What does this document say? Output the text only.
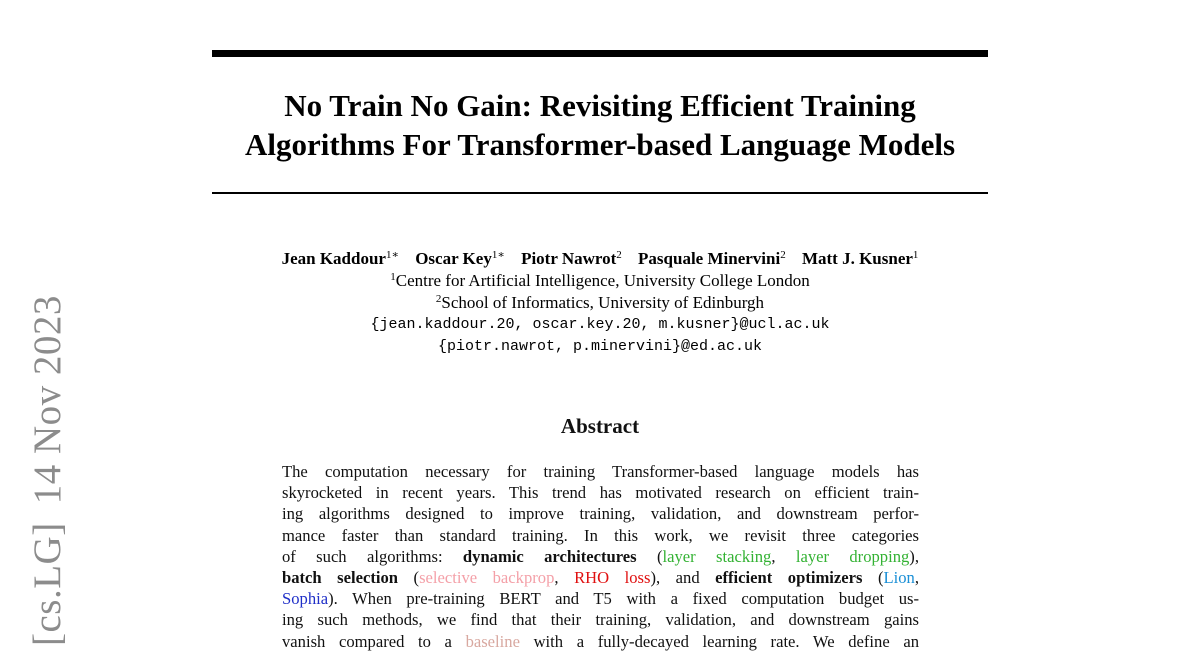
[cs.LG]14 Nov 2023
No Train No Gain: Revisiting Efficient Training
Algorithms For Transformer-based Language Models
Jean Kaddour$^{1∗}$ Oscar Key$^{1∗}$ Piotr Nawrot$^2$ Pasquale Minervini$^2$ Matt J. Kusner$^1$
$^1$Centre for Artificial Intelligence, University College London
$^2$School of Informatics, University of Edinburgh
{jean.kaddour.20, oscar.key.20, m.kusner}@ucl.ac.uk
{piotr.nawrot, p.minervini}@ed.ac.uk
Abstract
The computation necessary for training Transformer-based language models has
skyrocketed in recent years. This trend has motivated research on efficient train-
ing algorithms designed to improve training, validation, and downstream perfor-
mance faster than standard training. In this work, we revisit three categories
of such algorithms: dynamic architectures (layer stacking, layer dropping),
batch selection (selective backprop, RHO loss), and efficient optimizers (Lion,
Sophia). When pre-training BERT and T5 with a fixed computation budget us-
ing such methods, we find that their training, validation, and downstream gains
vanish compared to a baseline with a fully-decayed learning rate. We define an
